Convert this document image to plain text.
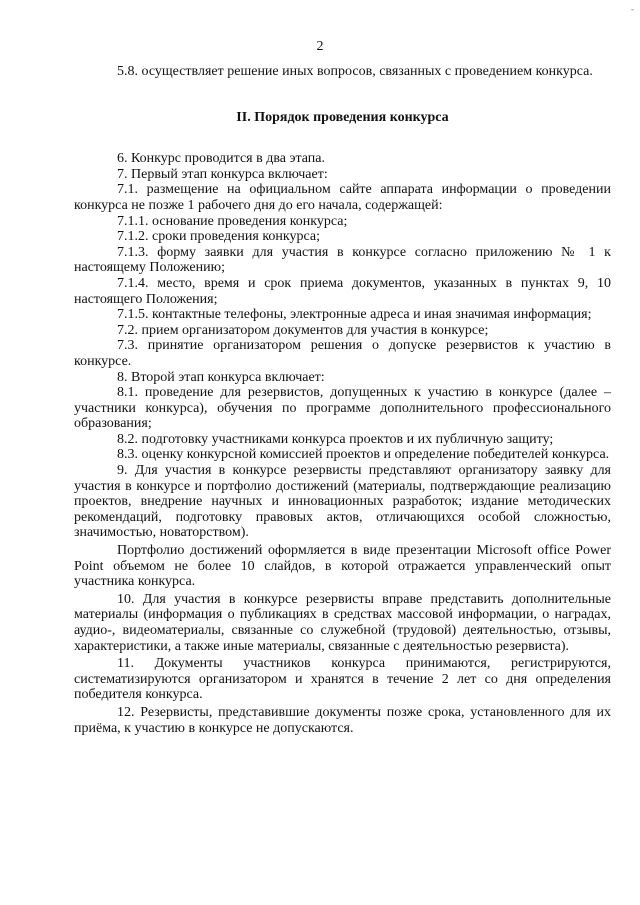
-
2

5.8. осуществляет решение иных вопросов, связанных с проведением конкурса.

II. Порядок проведения конкурса

6. Конкурс проводится в два этапа.

7. Первый этап конкурса включает:

7.1. размещение на официальном сайте аппарата информации о проведении конкурса не позже 1 рабочего дня до его начала, содержащей:

7.1.1. основание проведения конкурса;

7.1.2. сроки проведения конкурса;

7.1.3. форму заявки для участия в конкурсе согласно приложению № 1 к настоящему Положению;

7.1.4. место, время и срок приема документов, указанных в пунктах 9, 10 настоящего Положения;

7.1.5. контактные телефоны, электронные адреса и иная значимая информация;

7.2. прием организатором документов для участия в конкурсе;

7.3. принятие организатором решения о допуске резервистов к участию в конкурсе.

8. Второй этап конкурса включает:

8.1. проведение для резервистов, допущенных к участию в конкурсе (далее – участники конкурса), обучения по программе дополнительного профессионального образования;

8.2. подготовку участниками конкурса проектов и их публичную защиту;

8.3. оценку конкурсной комиссией проектов и определение победителей конкурса.

9. Для участия в конкурсе резервисты представляют организатору заявку для участия в конкурсе и портфолио достижений (материалы, подтверждающие реализацию проектов, внедрение научных и инновационных разработок; издание методических рекомендаций, подготовку правовых актов, отличающихся особой сложностью, значимостью, новаторством).

Портфолио достижений оформляется в виде презентации Microsoft office Power Point объемом не более 10 слайдов, в которой отражается управленческий опыт участника конкурса.

10. Для участия в конкурсе резервисты вправе представить дополнительные материалы (информация о публикациях в средствах массовой информации, о наградах, аудио-, видеоматериалы, связанные со служебной (трудовой) деятельностью, отзывы, характеристики, а также иные материалы, связанные с деятельностью резервиста).

11. Документы участников конкурса принимаются, регистрируются, систематизируются организатором и хранятся в течение 2 лет со дня определения победителя конкурса.

12. Резервисты, представившие документы позже срока, установленного для их приёма, к участию в конкурсе не допускаются.
